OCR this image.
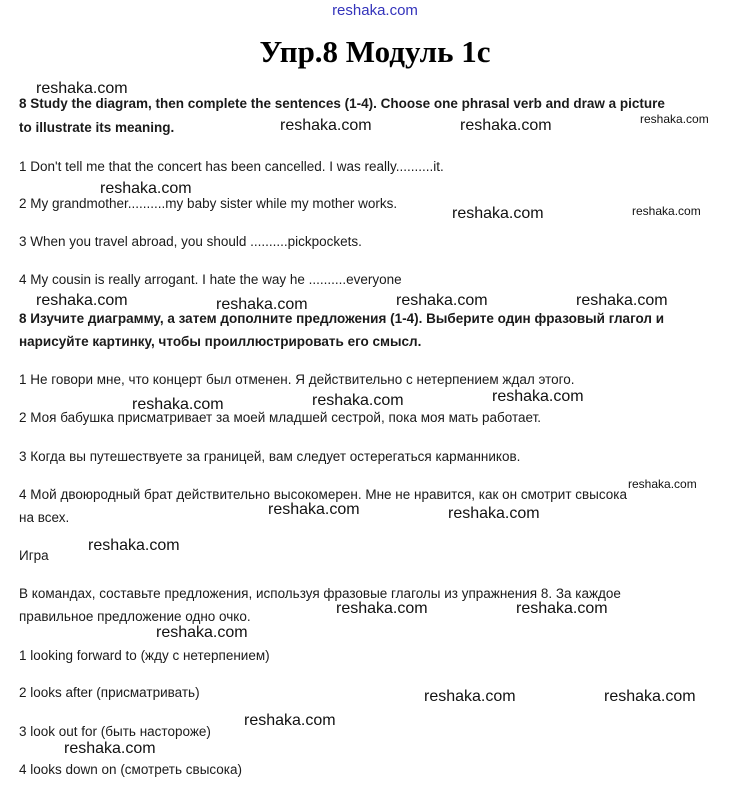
reshaka.com
Упр.8 Модуль 1с
8 Study the diagram, then complete the sentences (1-4). Choose one phrasal verb and draw a picture
to illustrate its meaning.
1 Don't tell me that the concert has been cancelled. I was really..........it.
2 My grandmother..........my baby sister while my mother works.
3 When you travel abroad, you should ..........pickpockets.
4 My cousin is really arrogant. I hate the way he ..........everyone
8 Изучите диаграмму, а затем дополните предложения (1-4). Выберите один фразовый глагол и
нарисуйте картинку, чтобы проиллюстрировать его смысл.
1 Не говори мне, что концерт был отменен. Я действительно с нетерпением ждал этого.
2 Моя бабушка присматривает за моей младшей сестрой, пока моя мать работает.
3 Когда вы путешествуете за границей, вам следует остерегаться карманников.
4 Мой двоюродный брат действительно высокомерен. Мне не нравится, как он смотрит свысока
на всех.
Игра
В командах, составьте предложения, используя фразовые глаголы из упражнения 8. За каждое
правильное предложение одно очко.
1 looking forward to (жду с нетерпением)
2 looks after (присматривать)
3 look out for (быть настороже)
4 looks down on (смотреть свысока)
reshaka.com
reshaka.com	reshaka.com	reshaka.com
reshaka.com
reshaka.com	reshaka.com
reshaka.com	reshaka.com	reshaka.com	reshaka.com
reshaka.com	reshaka.com	reshaka.com
reshaka.com
reshaka.com	reshaka.com
reshaka.com
reshaka.com	reshaka.com
reshaka.com
reshaka.com	reshaka.com
reshaka.com
reshaka.com
